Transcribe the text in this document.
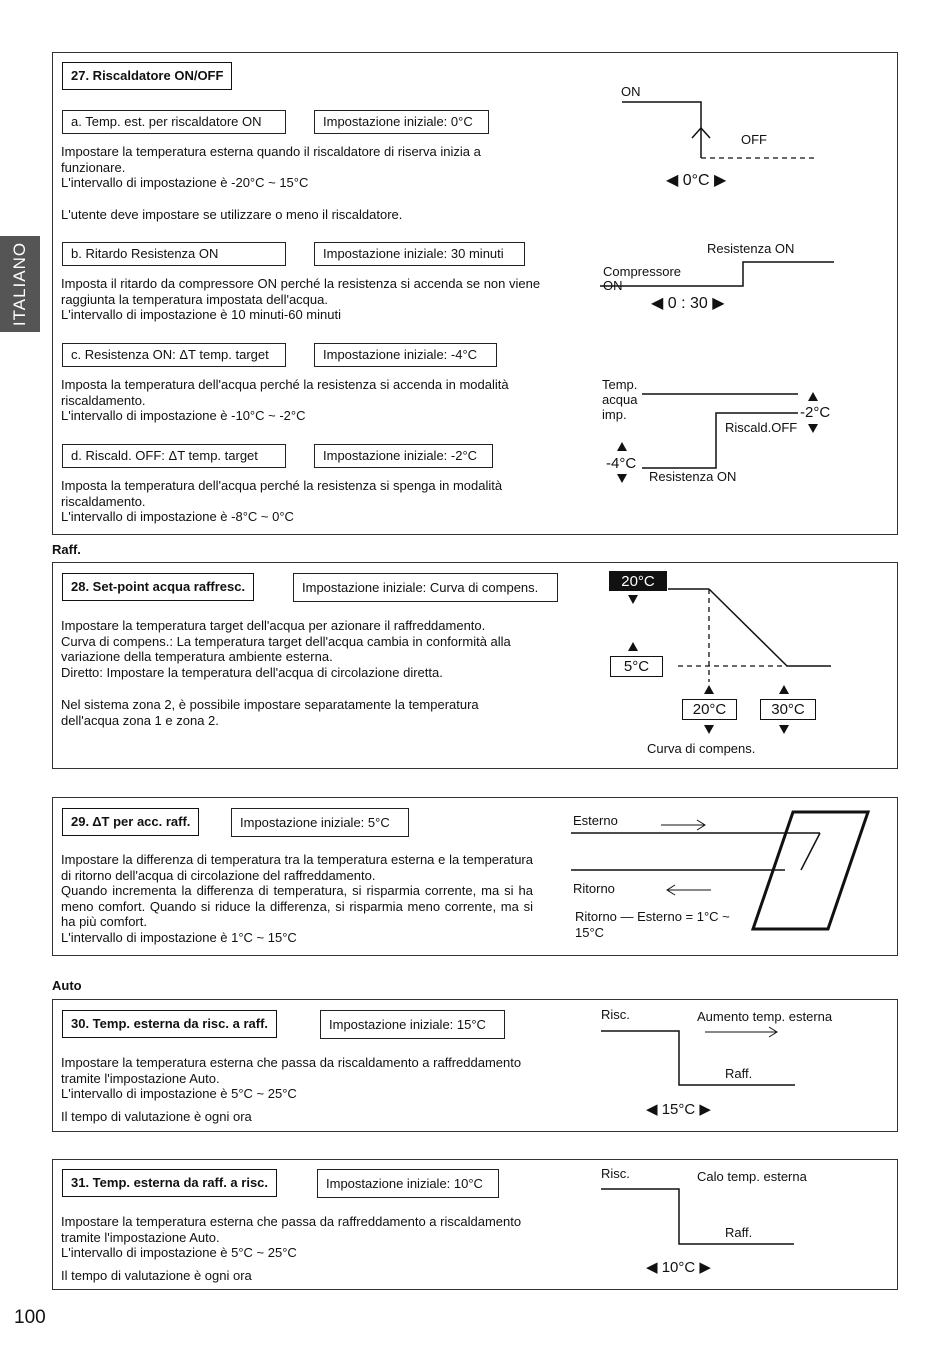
ITALIANO
27. Riscaldatore ON/OFF
a. Temp. est. per riscaldatore ON	Impostazione iniziale: 0°C

Impostare la temperatura esterna quando il riscaldatore di riserva inizia a funzionare.

L'intervallo di impostazione è -20°C ~ 15°C

L'utente deve impostare se utilizzare o meno il riscaldatore.
ON
OFF
◀ 0°C ▶
b. Ritardo Resistenza ON	Impostazione iniziale: 30 minuti

Imposta il ritardo da compressore ON perché la resistenza si accenda se non viene raggiunta la temperatura impostata dell'acqua.

L'intervallo di impostazione è 10 minuti-60 minuti

Resistenza ON
Compressore
ON
◀ 0 : 30 ▶
c. Resistenza ON: ΔT temp. target	Impostazione iniziale: -4°C

Imposta la temperatura dell'acqua perché la resistenza si accenda in modalità riscaldamento.

L'intervallo di impostazione è -10°C ~ -2°C

d. Riscald. OFF: ΔT temp. target	Impostazione iniziale: -2°C

Imposta la temperatura dell'acqua perché la resistenza si spenga in modalità riscaldamento.

L'intervallo di impostazione è -8°C ~ 0°C

Temp.
acqua
imp.	-2°C
Riscald.OFF
-4°C
Resistenza ON
Raff.
28. Set-point acqua raffresc.	Impostazione iniziale: Curva di compens.

Impostare la temperatura target dell'acqua per azionare il raffreddamento.

Curva di compens.: La temperatura target dell'acqua cambia in conformità alla variazione della temperatura ambiente esterna.

Diretto: Impostare la temperatura dell'acqua di circolazione diretta.

Nel sistema zona 2, è possibile impostare separatamente la temperatura dell'acqua zona 1 e zona 2.
20°C
5°C
20°C	30°C
Curva di compens.
29. ΔT per acc. raff.	Impostazione iniziale: 5°C

Impostare la differenza di temperatura tra la temperatura esterna e la temperatura di ritorno dell'acqua di circolazione del raffreddamento.

Quando incrementa la differenza di temperatura, si risparmia corrente, ma si ha meno comfort. Quando si riduce la differenza, si risparmia meno corrente, ma si ha più comfort.

L'intervallo di impostazione è 1°C ~ 15°C

Esterno
Ritorno
Ritorno — Esterno = 1°C ~ 15°C
Auto
30. Temp. esterna da risc. a raff.	Impostazione iniziale: 15°C

Impostare la temperatura esterna che passa da riscaldamento a raffreddamento tramite l'impostazione Auto.

L'intervallo di impostazione è 5°C ~ 25°C

Il tempo di valutazione è ogni ora
Risc.	Aumento temp. esterna
Raff.
◀ 15°C ▶
31. Temp. esterna da raff. a risc.	Impostazione iniziale: 10°C

Impostare la temperatura esterna che passa da raffreddamento a riscaldamento tramite l'impostazione Auto.

L'intervallo di impostazione è 5°C ~ 25°C

Il tempo di valutazione è ogni ora
Risc.	Calo temp. esterna
Raff.
◀ 10°C ▶
100
